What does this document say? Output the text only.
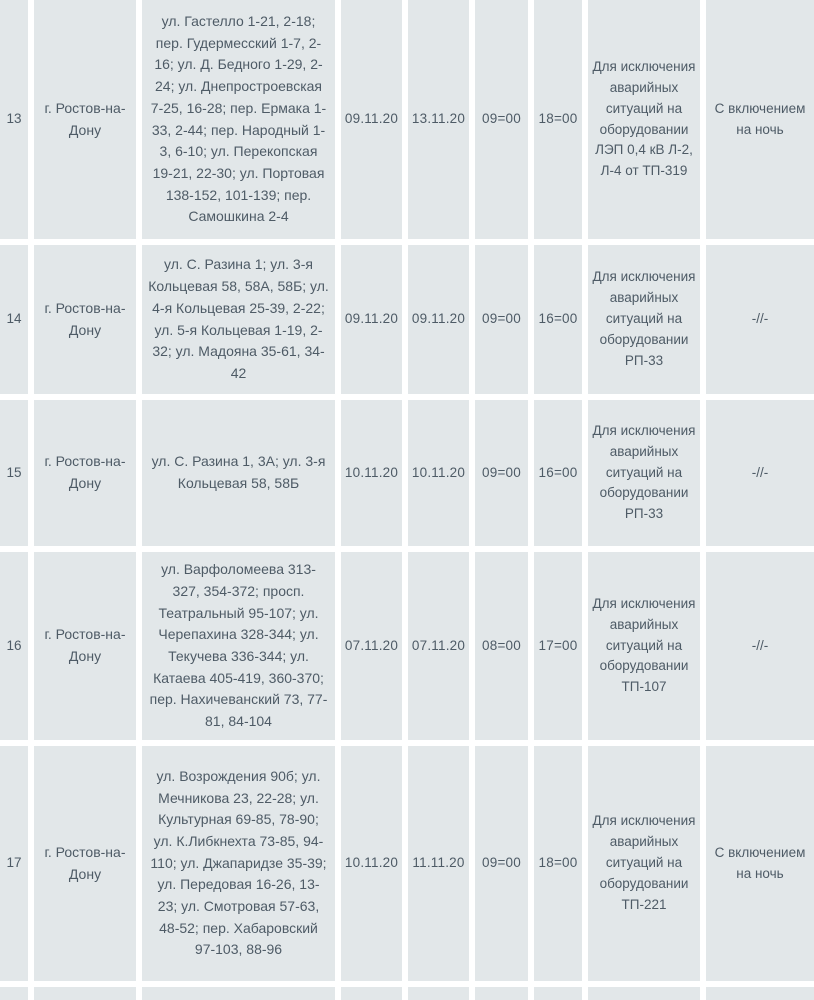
13
г. Ростов-на-Дону
ул. Гастелло 1-21, 2-18; пер. Гудермесский 1-7, 2-16; ул. Д. Бедного 1-29, 2-24; ул. Днепростроевская 7-25, 16-28; пер. Ермака 1-33, 2-44; пер. Народный 1-3, 6-10; ул. Перекопская 19-21, 22-30; ул. Портовая 138-152, 101-139; пер. Самошкина 2-4
09.11.20 13.11.20	09=00	18=00
Для исключения аварийных ситуаций на оборудовании ЛЭП 0,4 кВ Л-2, Л-4 от ТП-319
С включением на ночь
14
г. Ростов-на-Дону
ул. С. Разина 1; ул. 3-я Кольцевая 58, 58А, 58Б; ул. 4-я Кольцевая 25-39, 2-22; ул. 5-я Кольцевая 1-19, 2-32; ул. Мадояна 35-61, 34-42
09.11.20 09.11.20	09=00	16=00
Для исключения аварийных ситуаций на оборудовании РП-33
-//-
15
г. Ростов-на-Дону
ул. С. Разина 1, 3А; ул. 3-я Кольцевая 58, 58Б
10.11.20 10.11.20	09=00	16=00
Для исключения аварийных ситуаций на оборудовании РП-33
-//-
16
г. Ростов-на-Дону
ул. Варфоломеева 313-327, 354-372; просп. Театральный 95-107; ул. Черепахина 328-344; ул. Текучева 336-344; ул. Катаева 405-419, 360-370; пер. Нахичеванский 73, 77-81, 84-104
07.11.20 07.11.20	08=00	17=00
Для исключения аварийных ситуаций на оборудовании ТП-107
-//-
17
г. Ростов-на-Дону
ул. Возрождения 90б; ул. Мечникова 23, 22-28; ул. Культурная 69-85, 78-90; ул. К.Либкнехта 73-85, 94-110; ул. Джапаридзе 35-39; ул. Передовая 16-26, 13-23; ул. Смотровая 57-63, 48-52; пер. Хабаровский 97-103, 88-96
10.11.20	11.11.20	09=00	18=00
Для исключения аварийных ситуаций на оборудовании ТП-221
С включением на ночь
